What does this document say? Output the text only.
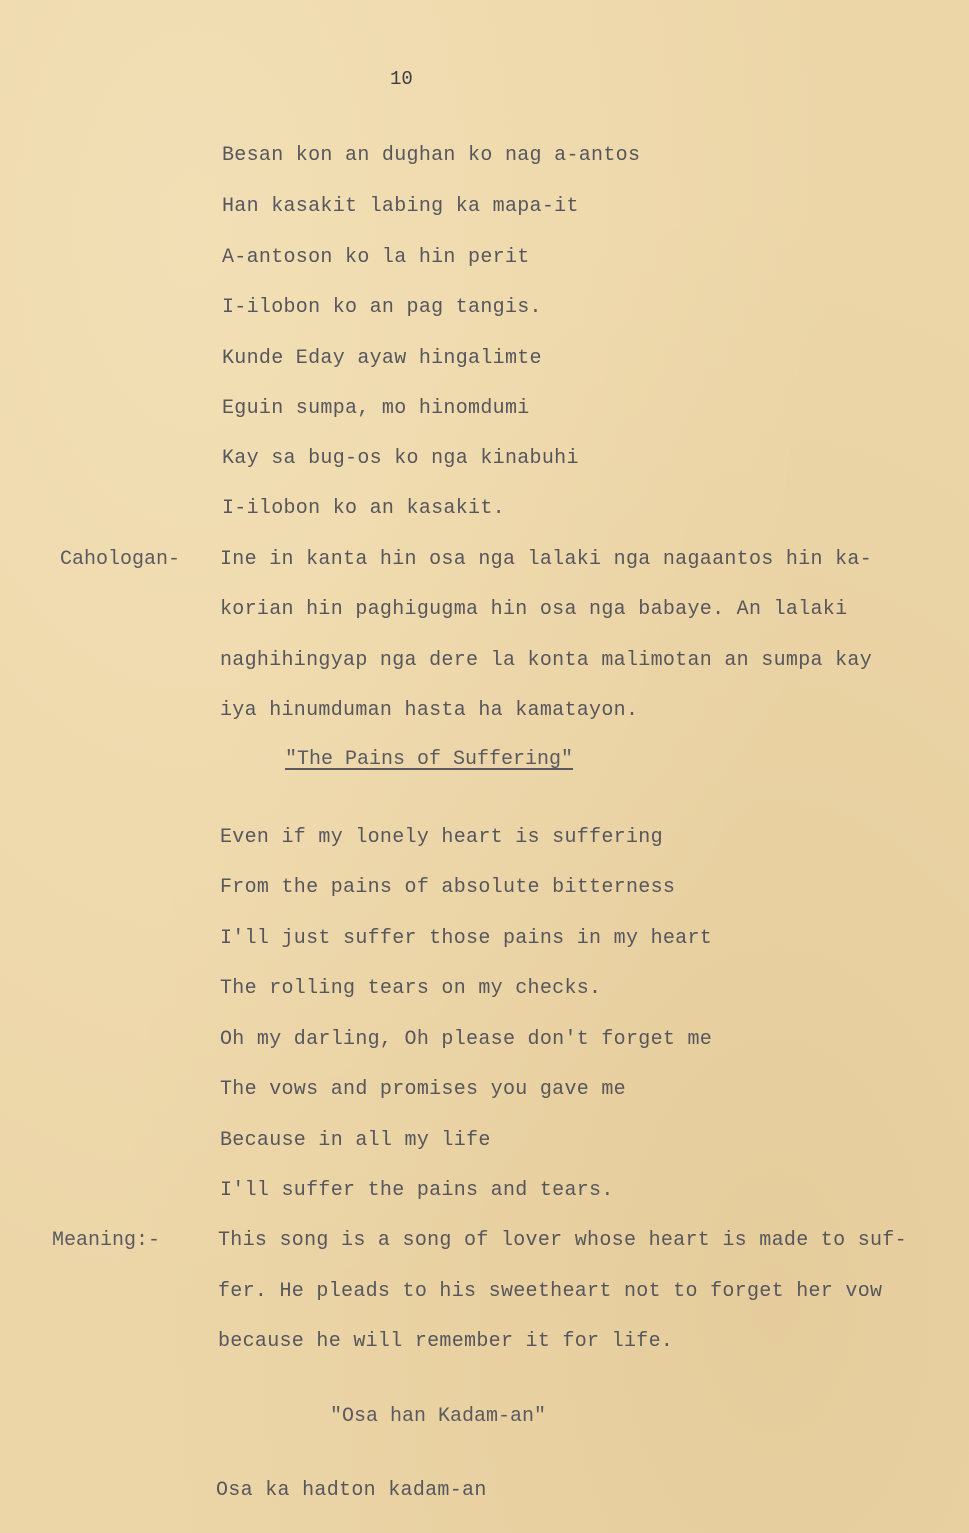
10
Besan kon an dughan ko nag a-antos
Han kasakit labing ka mapa-it
A-antoson ko la hin perit
I-ilobon ko an pag tangis.
Kunde Eday ayaw hingalimte
Eguin sumpa, mo hinomdumi
Kay sa bug-os ko nga kinabuhi
I-ilobon ko an kasakit.
Cahologan- Ine in kanta hin osa nga lalaki nga nagaantos hin ka-
korian hin paghigugma hin osa nga babaye. An lalaki
naghihingyap nga dere la konta malimotan an sumpa kay
iya hinumduman hasta ha kamatayon.
"The Pains of Suffering"
Even if my lonely heart is suffering
From the pains of absolute bitterness
I'll just suffer those pains in my heart
The rolling tears on my checks.
Oh my darling, Oh please don't forget me
The vows and promises you gave me
Because in all my life
I'll suffer the pains and tears.
Meaning:-	This song is a song of lover whose heart is made to suf-
fer. He pleads to his sweetheart not to forget her vow
because he will remember it for life.
"Osa han Kadam-an"
Osa ka hadton kadam-an
